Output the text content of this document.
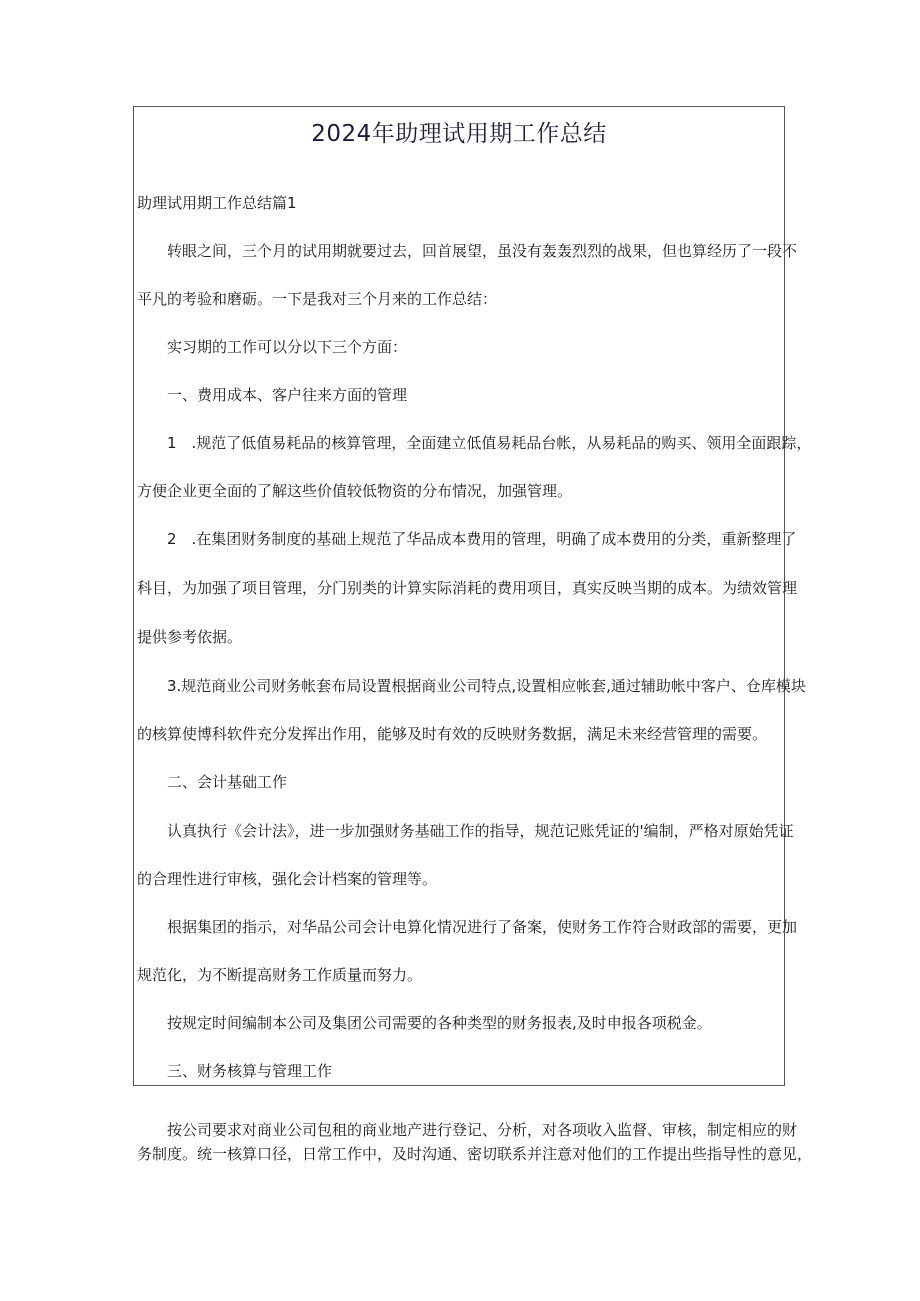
2024年助理试用期工作总结
助理试用期工作总结篇1
转眼之间，三个月的试用期就要过去，回首展望，虽没有轰轰烈烈的战果，但也算经历了一段不
平凡的考验和磨砺。一下是我对三个月来的工作总结：
实习期的工作可以分以下三个方面：
一、费用成本、客户往来方面的管理
1　.规范了低值易耗品的核算管理，全面建立低值易耗品台帐，从易耗品的购买、领用全面跟踪，
方便企业更全面的了解这些价值较低物资的分布情况，加强管理。
2　.在集团财务制度的基础上规范了华品成本费用的管理，明确了成本费用的分类，重新整理了
科目，为加强了项目管理，分门别类的计算实际消耗的费用项目，真实反映当期的成本。为绩效管理
提供参考依据。
3.规范商业公司财务帐套布局设置根据商业公司特点,设置相应帐套,通过辅助帐中客户、仓库模块
的核算使博科软件充分发挥出作用，能够及时有效的反映财务数据，满足未来经营管理的需要。
二、会计基础工作
认真执行《会计法》，进一步加强财务基础工作的指导，规范记账凭证的'编制，严格对原始凭证
的合理性进行审核，强化会计档案的管理等。
根据集团的指示，对华品公司会计电算化情况进行了备案，使财务工作符合财政部的需要，更加
规范化，为不断提高财务工作质量而努力。
按规定时间编制本公司及集团公司需要的各种类型的财务报表,及时申报各项税金。
三、财务核算与管理工作
按公司要求对商业公司包租的商业地产进行登记、分析，对各项收入监督、审核，制定相应的财
务制度。统一核算口径，日常工作中，及时沟通、密切联系并注意对他们的工作提出些指导性的意见，
